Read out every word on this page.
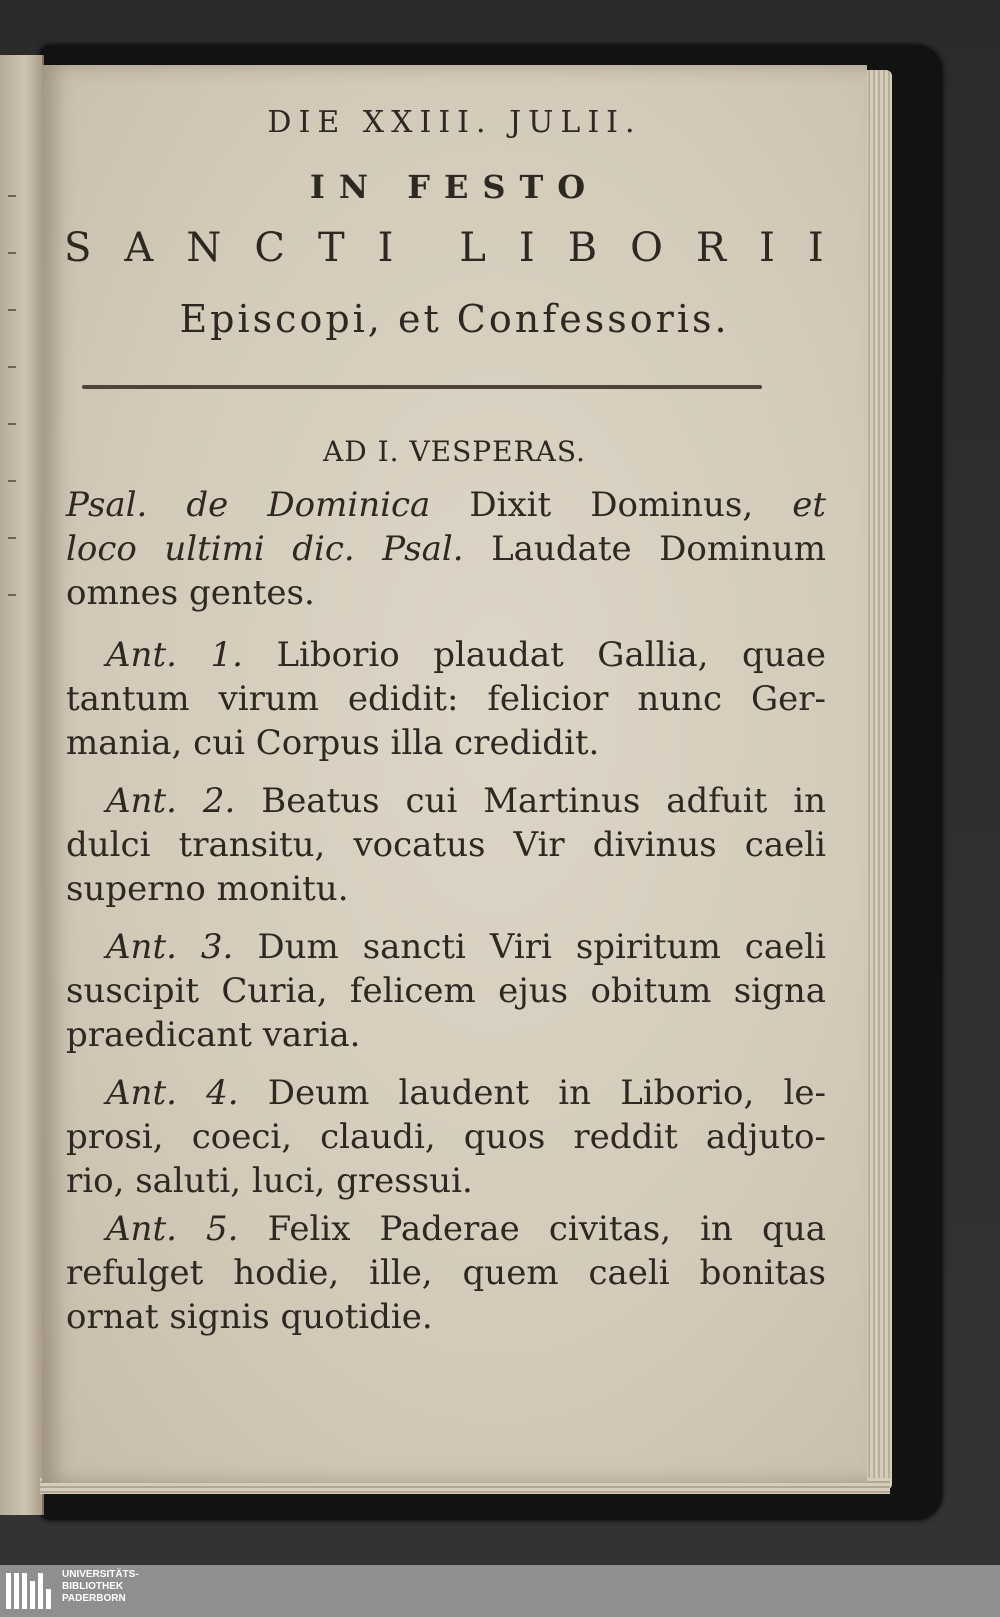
DIE XXIII. JULII.
IN FESTO
S A N C T I L I B O R I I
Episcopi, et Confessoris.
AD I. VESPERAS.
Psal. de Dominica Dixit Dominus, et
loco ultimi dic. Psal. Laudate Dominum
omnes gentes.
Ant. 1. Liborio plaudat Gallia, quae
tantum virum edidit: felicior nunc Ger-
mania, cui Corpus illa credidit.
Ant. 2. Beatus cui Martinus adfuit in
dulci transitu, vocatus Vir divinus caeli
superno monitu.
Ant. 3. Dum sancti Viri spiritum caeli
suscipit Curia, felicem ejus obitum signa
praedicant varia.
Ant. 4. Deum laudent in Liborio, le-
prosi, coeci, claudi, quos reddit adjuto-
rio, saluti, luci, gressui.
Ant. 5. Felix Paderae civitas, in qua
refulget hodie, ille, quem caeli bonitas
ornat signis quotidie.
UNIVERSITÄTS-
BIBLIOTHEK
PADERBORN
